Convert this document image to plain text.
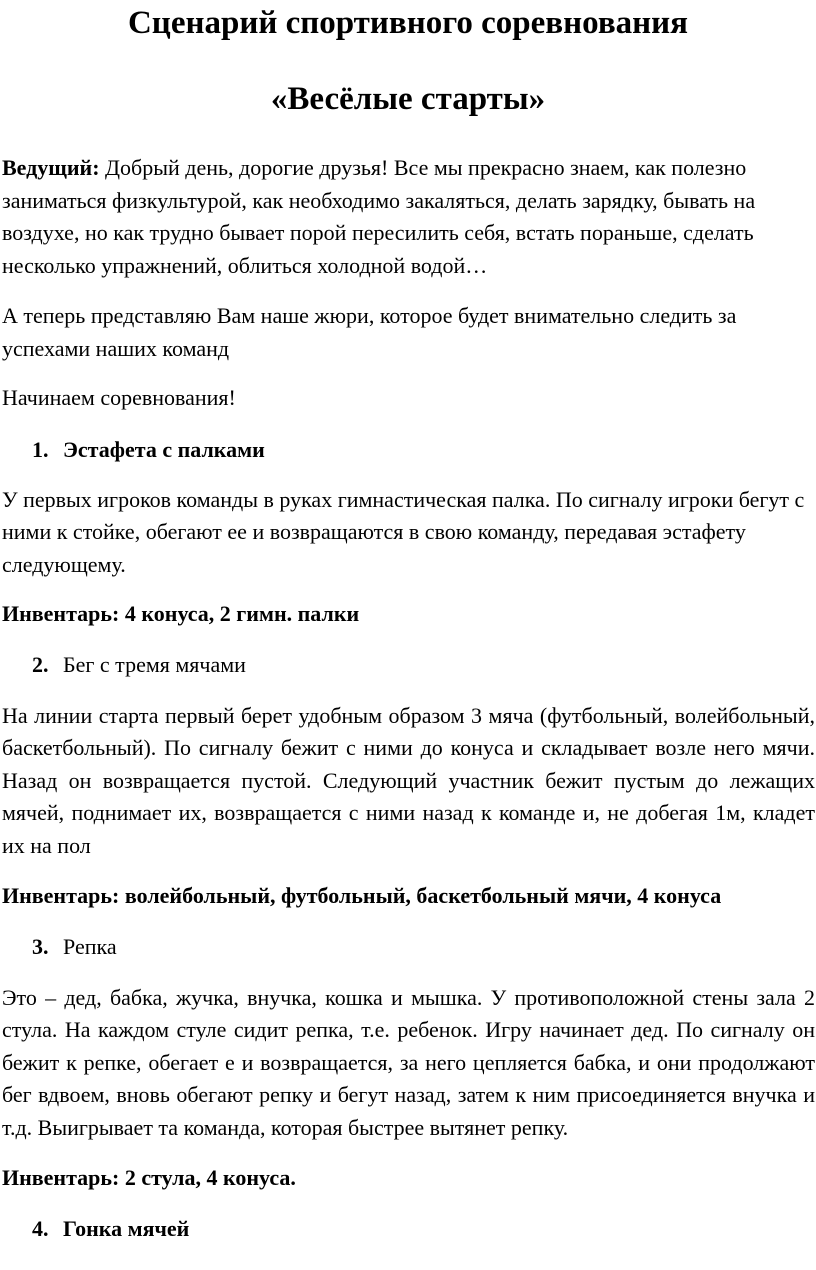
Сценарий спортивного соревнования
«Весёлые старты»

Ведущий: Добрый день, дорогие друзья! Все мы прекрасно знаем, как полезно заниматься физкультурой, как необходимо закаляться, делать зарядку, бывать на воздухе, но как трудно бывает порой пересилить себя, встать пораньше, сделать несколько упражнений, облиться холодной водой…

А теперь представляю Вам наше жюри, которое будет внимательно следить за успехами наших команд

Начинаем соревнования!

1. Эстафета с палками

У первых игроков команды в руках гимнастическая палка. По сигналу игроки бегут с ними к стойке, обегают ее и возвращаются в свою команду, передавая эстафету следующему.

Инвентарь: 4 конуса, 2 гимн. палки

2. Бег с тремя мячами

На линии старта первый берет удобным образом 3 мяча (футбольный, волейбольный, баскетбольный). По сигналу бежит с ними до конуса и складывает возле него мячи. Назад он возвращается пустой. Следующий участник бежит пустым до лежащих мячей, поднимает их, возвращается с ними назад к команде и, не добегая 1м, кладет их на пол

Инвентарь: волейбольный, футбольный, баскетбольный мячи, 4 конуса

3. Репка

Это – дед, бабка, жучка, внучка, кошка и мышка. У противоположной стены зала 2 стула. На каждом стуле сидит репка, т.е. ребенок. Игру начинает дед. По сигналу он бежит к репке, обегает е и возвращается, за него цепляется бабка, и они продолжают бег вдвоем, вновь обегают репку и бегут назад, затем к ним присоединяется внучка и т.д. Выигрывает та команда, которая быстрее вытянет репку.

Инвентарь: 2 стула, 4 конуса.

4. Гонка мячей
